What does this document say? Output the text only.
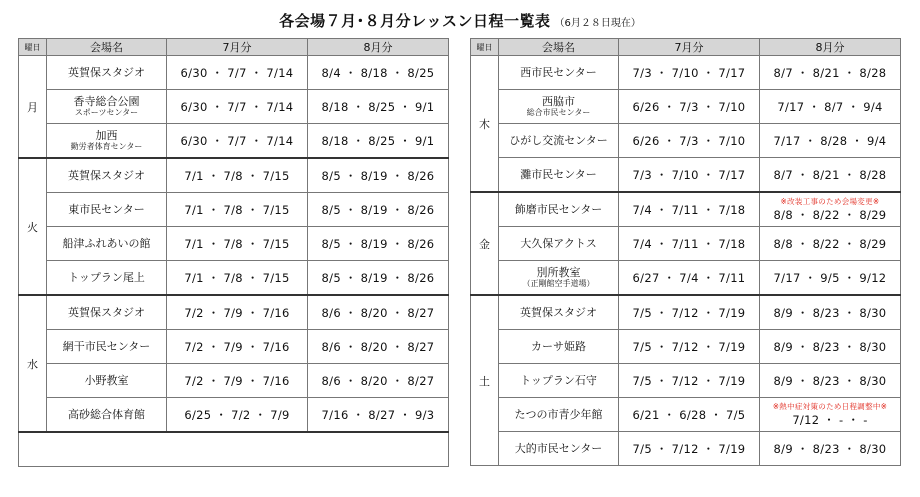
各会場７月･８月分レッスン日程一覧表 （6月２８日現在）
曜日	会場名	7月分	8月分
月	英賀保スタジオ	6/30 ・ 7/7 ・ 7/14	8/4 ・ 8/18 ・ 8/25
	香寺総合公園
スポーツセンター	6/30 ・ 7/7 ・ 7/14	8/18 ・ 8/25 ・ 9/1
	加西
勤労者体育センター	6/30 ・ 7/7 ・ 7/14	8/18 ・ 8/25 ・ 9/1
火	英賀保スタジオ	7/1 ・ 7/8 ・ 7/15	8/5 ・ 8/19 ・ 8/26
	東市民センター	7/1 ・ 7/8 ・ 7/15	8/5 ・ 8/19 ・ 8/26
	船津ふれあいの館	7/1 ・ 7/8 ・ 7/15	8/5 ・ 8/19 ・ 8/26
	トップラン尾上	7/1 ・ 7/8 ・ 7/15	8/5 ・ 8/19 ・ 8/26
水	英賀保スタジオ	7/2 ・ 7/9 ・ 7/16	8/6 ・ 8/20 ・ 8/27
	網干市民センター	7/2 ・ 7/9 ・ 7/16	8/6 ・ 8/20 ・ 8/27
	小野教室	7/2 ・ 7/9 ・ 7/16	8/6 ・ 8/20 ・ 8/27
	高砂総合体育館	6/25 ・ 7/2 ・ 7/9	7/16 ・ 8/27 ・ 9/3

曜日	会場名	7月分	8月分
木	西市民センター	7/3 ・ 7/10 ・ 7/17	8/7 ・ 8/21 ・ 8/28
	西脇市
総合市民センター	6/26 ・ 7/3 ・ 7/10	7/17 ・ 8/7 ・ 9/4
	ひがし交流センター	6/26 ・ 7/3 ・ 7/10	7/17 ・ 8/28 ・ 9/4
	灘市民センター	7/3 ・ 7/10 ・ 7/17	8/7 ・ 8/21 ・ 8/28
金	飾磨市民センター	7/4 ・ 7/11 ・ 7/18	※改装工事のため会場変更※
8/8 ・ 8/22 ・ 8/29
	大久保アクトス	7/4 ・ 7/11 ・ 7/18	8/8 ・ 8/22 ・ 8/29
	別所教室
（正剛館空手道場）	6/27 ・ 7/4 ・ 7/11	7/17 ・ 9/5 ・ 9/12
土	英賀保スタジオ	7/5 ・ 7/12 ・ 7/19	8/9 ・ 8/23 ・ 8/30
	カーサ姫路	7/5 ・ 7/12 ・ 7/19	8/9 ・ 8/23 ・ 8/30
	トップラン石守	7/5 ・ 7/12 ・ 7/19	8/9 ・ 8/23 ・ 8/30
	たつの市青少年館	6/21 ・ 6/28 ・ 7/5	※熱中症対策のため日程調整中※
7/12 ・ - ・ -
	大的市民センター	7/5 ・ 7/12 ・ 7/19	8/9 ・ 8/23 ・ 8/30
